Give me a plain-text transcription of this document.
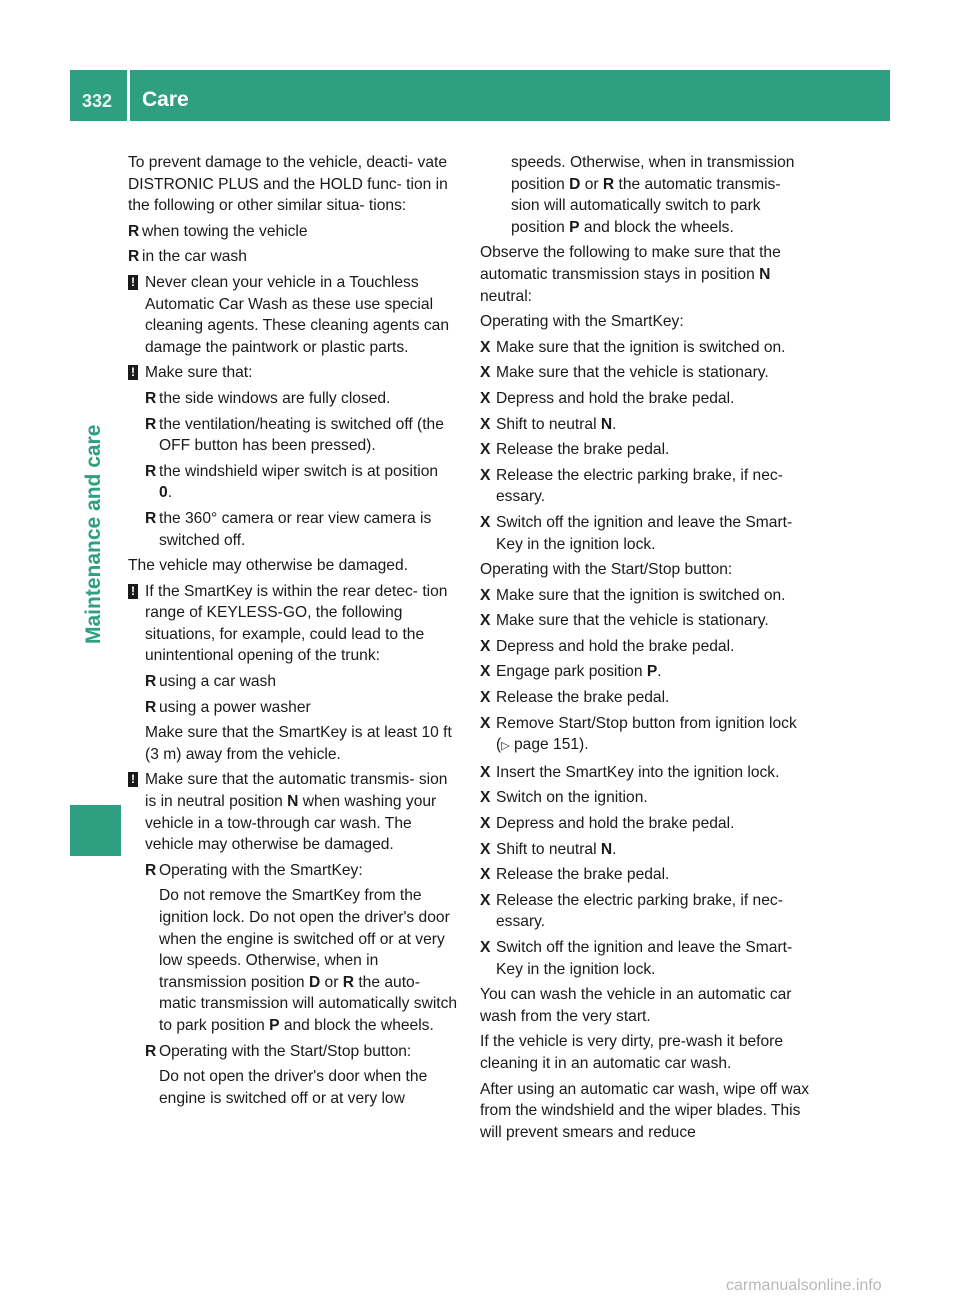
332 Care
Maintenance and care

To prevent damage to the vehicle, deacti- vate DISTRONIC PLUS and the HOLD func- tion in the following or other similar situa- tions:

R when towing the vehicle
R in the car wash
! Never clean your vehicle in a Touchless Automatic Car Wash as these use special cleaning agents. These cleaning agents can damage the paintwork or plastic parts.
! Make sure that:
R the side windows are fully closed.
R the ventilation/heating is switched off (the OFF button has been pressed).
R the windshield wiper switch is at position
0.
R the 360° camera or rear view camera is switched off.

The vehicle may otherwise be damaged.

! If the SmartKey is within the rear detec- tion range of KEYLESS-GO, the following situations, for example, could lead to the unintentional opening of the trunk:
R using a car wash
R using a power washer

Make sure that the SmartKey is at least 10 ft (3 m) away from the vehicle.

! Make sure that the automatic transmis- sion is in neutral position N when washing your vehicle in a tow-through car wash. The vehicle may otherwise be damaged.
R Operating with the SmartKey:

Do not remove the SmartKey from the ignition lock. Do not open the driver's door when the engine is switched off or at very low speeds. Otherwise, when in transmission position D or R the auto- matic transmission will automatically switch to park position P and block the wheels.

R Operating with the Start/Stop button:

Do not open the driver's door when the engine is switched off or at very low

speeds. Otherwise, when in transmission position D or R the automatic transmis- sion will automatically switch to park position P and block the wheels.

Observe the following to make sure that the automatic transmission stays in position N neutral:

Operating with the SmartKey:

X Make sure that the ignition is switched on.
X Make sure that the vehicle is stationary.
X Depress and hold the brake pedal.
X Shift to neutral N.
X Release the brake pedal.
X Release the electric parking brake, if nec- essary.
X Switch off the ignition and leave the Smart- Key in the ignition lock.

Operating with the Start/Stop button:

X Make sure that the ignition is switched on.
X Make sure that the vehicle is stationary.
X Depress and hold the brake pedal.
X Engage park position P.
X Release the brake pedal.
X Remove Start/Stop button from ignition lock (▷ page 151).
X Insert the SmartKey into the ignition lock.
X Switch on the ignition.
X Depress and hold the brake pedal.
X Shift to neutral N.
X Release the brake pedal.
X Release the electric parking brake, if nec- essary.
X Switch off the ignition and leave the Smart- Key in the ignition lock.

You can wash the vehicle in an automatic car wash from the very start.

If the vehicle is very dirty, pre-wash it before cleaning it in an automatic car wash.

After using an automatic car wash, wipe off wax from the windshield and the wiper blades. This will prevent smears and reduce

carmanualsonline.info
